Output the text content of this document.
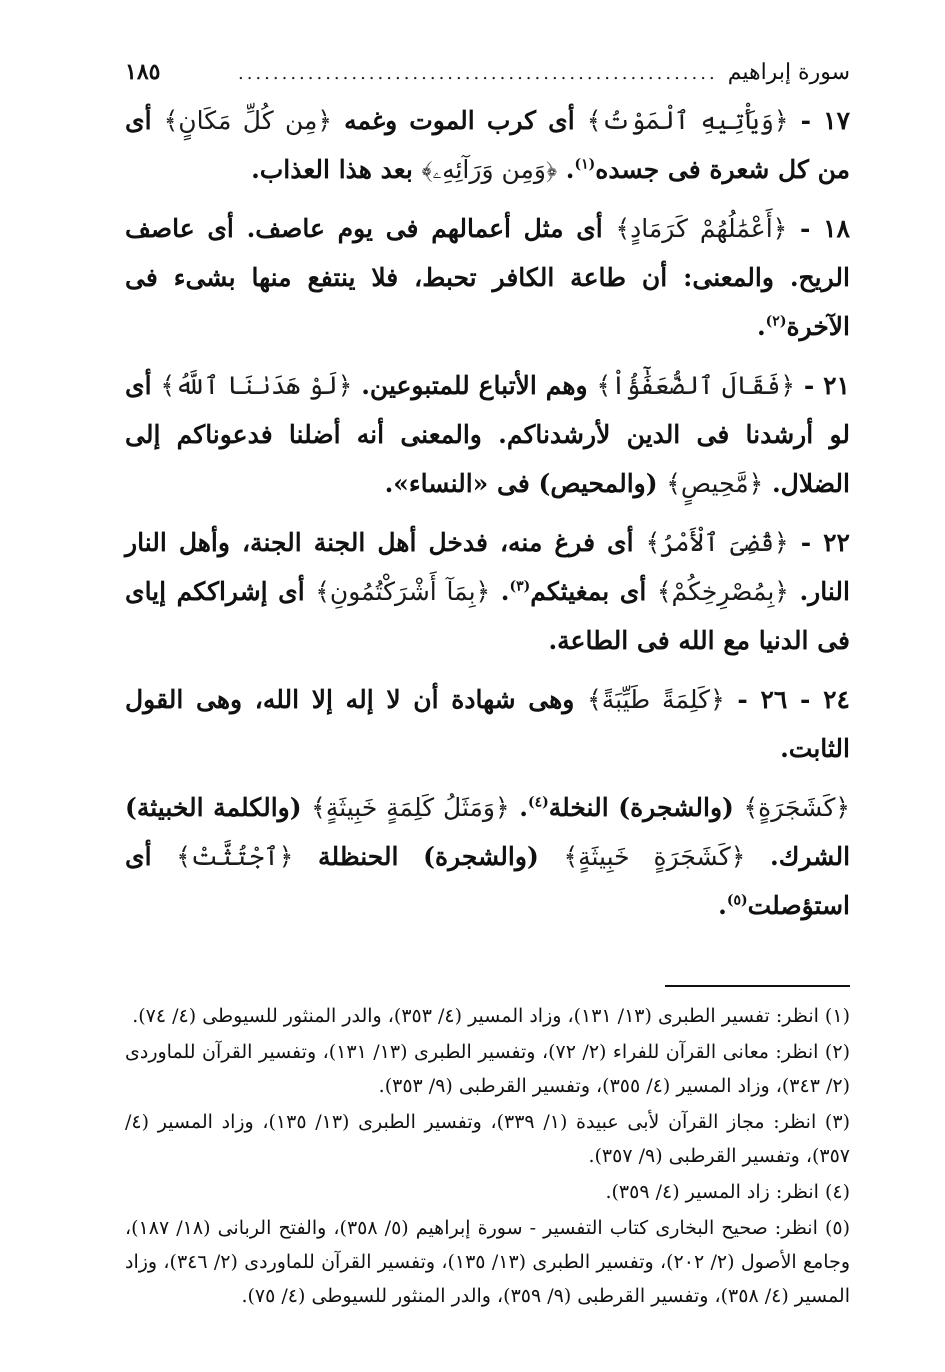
سورة إبراهيم
.......................................................
١٨٥

١٧ - ﴿وَيَأْتِيهِ ٱلْمَوْتُ﴾ أى كرب الموت وغمه ﴿مِن كُلِّ مَكَانٍ﴾ أى من كل شعرة فى جسده$^{(١)}$. ﴿وَمِن وَرَآئِهِۦ﴾ بعد هذا العذاب.

١٨ - ﴿أَعْمَٰلُهُمْ كَرَمَادٍ﴾ أى مثل أعمالهم فى يوم عاصف. أى عاصف الريح. والمعنى: أن طاعة الكافر تحبط، فلا ينتفع منها بشىء فى الآخرة$^{(٢)}$.

٢١ - ﴿فَقَالَ ٱلضُّعَفَٰٓؤُاْ﴾ وهم الأتباع للمتبوعين. ﴿لَوْ هَدَىٰنَا ٱللَّهُ﴾ أى لو أرشدنا فى الدين لأرشدناكم. والمعنى أنه أضلنا فدعوناكم إلى الضلال. ﴿مَّحِيصٍ﴾ (والمحيص) فى «النساء».

٢٢ - ﴿قُضِىَ ٱلْأَمْرُ﴾ أى فرغ منه، فدخل أهل الجنة الجنة، وأهل النار النار. ﴿بِمُصْرِخِكُمْ﴾ أى بمغيثكم$^{(٣)}$. ﴿بِمَآ أَشْرَكْتُمُونِ﴾ أى إشراككم إياى فى الدنيا مع الله فى الطاعة.

٢٤ - ٢٦ - ﴿كَلِمَةً طَيِّبَةً﴾ وهى شهادة أن لا إله إلا الله، وهى القول الثابت.

﴿كَشَجَرَةٍ﴾ (والشجرة) النخلة$^{(٤)}$. ﴿وَمَثَلُ كَلِمَةٍ خَبِيثَةٍ﴾ (والكلمة الخبيثة) الشرك. ﴿كَشَجَرَةٍ خَبِيثَةٍ﴾ (والشجرة) الحنظلة ﴿ٱجْتُثَّتْ﴾ أى استؤصلت$^{(٥)}$.

(١) انظر: تفسير الطبرى (١٣/ ١٣١)، وزاد المسير (٤/ ٣٥٣)، والدر المنثور للسيوطى (٤/ ٧٤).
(٢) انظر: معانى القرآن للفراء (٢/ ٧٢)، وتفسير الطبرى (١٣/ ١٣١)، وتفسير القرآن للماوردى (٢/ ٣٤٣)، وزاد المسير (٤/ ٣٥٥)، وتفسير القرطبى (٩/ ٣٥٣).
(٣) انظر: مجاز القرآن لأبى عبيدة (١/ ٣٣٩)، وتفسير الطبرى (١٣/ ١٣٥)، وزاد المسير (٤/ ٣٥٧)، وتفسير القرطبى (٩/ ٣٥٧).
(٤) انظر: زاد المسير (٤/ ٣٥٩).
(٥) انظر: صحيح البخارى كتاب التفسير - سورة إبراهيم (٥/ ٣٥٨)، والفتح الربانى (١٨/ ١٨٧)، وجامع الأصول (٢/ ٢٠٢)، وتفسير الطبرى (١٣/ ١٣٥)، وتفسير القرآن للماوردى (٢/ ٣٤٦)، وزاد المسير (٤/ ٣٥٨)، وتفسير القرطبى (٩/ ٣٥٩)، والدر المنثور للسيوطى (٤/ ٧٥).
